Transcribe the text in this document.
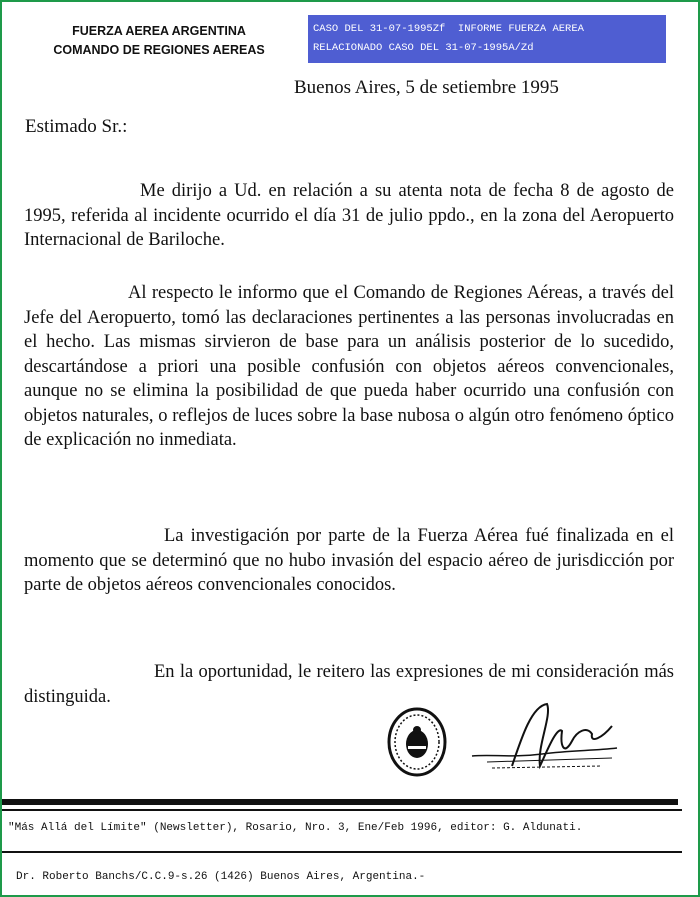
FUERZA AEREA ARGENTINA
COMANDO DE REGIONES AEREAS
CASO DEL 31-07-1995Zf  INFORME FUERZA AEREA
RELACIONADO CASO DEL 31-07-1995A/Zd
Buenos Aires, 5 de setiembre 1995
Estimado Sr.:
Me dirijo a Ud. en relación a su atenta nota de fecha 8 de agosto de 1995, referida al incidente ocurrido el día 31 de julio ppdo., en la zona del Aeropuerto Internacional de Bariloche.
Al respecto le informo que el Comando de Regiones Aéreas, a través del Jefe del Aeropuerto, tomó las declaraciones pertinentes a las personas involucradas en el hecho. Las mismas sirvieron de base para un análisis posterior de lo sucedido, descartándose a priori una posible confusión con objetos aéreos convencionales, aunque no se elimina la posibilidad de que pueda haber ocurrido una confusión con objetos naturales, o reflejos de luces sobre la base nubosa o algún otro fenómeno óptico de explicación no inmediata.
La investigación por parte de la Fuerza Aérea fué finalizada en el momento que se determinó que no hubo invasión del espacio aéreo de jurisdicción por parte de objetos aéreos convencionales conocidos.
En la oportunidad, le reitero las expresiones de mi consideración más distinguida.
"Más Allá del Límite" (Newsletter), Rosario, Nro. 3, Ene/Feb 1996, editor: G. Aldunati.
Dr. Roberto Banchs/C.C.9-s.26 (1426) Buenos Aires, Argentina.-
